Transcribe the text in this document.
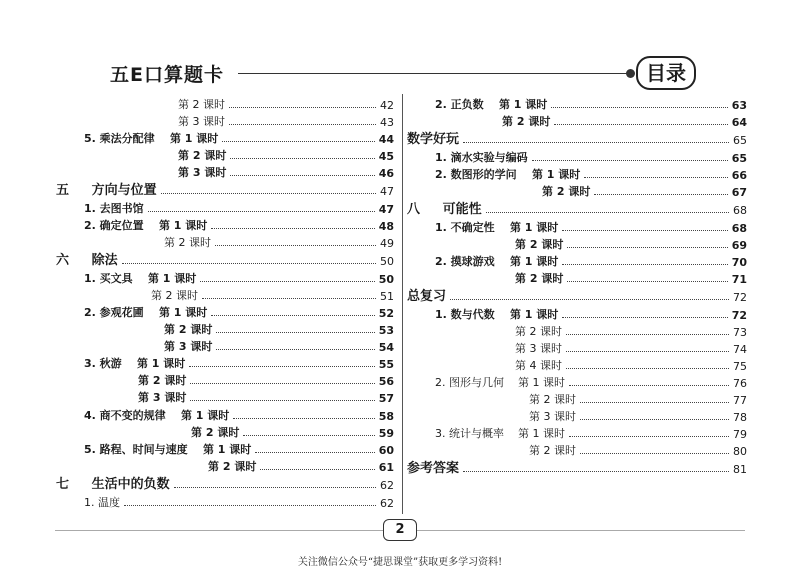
五E口算题卡	目录
第 2 课时	42
第 3 课时	43
5. 乘法分配律    第 1 课时	44
第 2 课时	45
第 3 课时	46
五     方向与位置	47
1. 去图书馆	47
2. 确定位置    第 1 课时	48
第 2 课时	49
六     除法	50
1. 买文具    第 1 课时	50
第 2 课时	51
2. 参观花圃    第 1 课时	52
第 2 课时	53
第 3 课时	54
3. 秋游    第 1 课时	55
第 2 课时	56
第 3 课时	57
4. 商不变的规律    第 1 课时	58
第 2 课时	59
5. 路程、时间与速度    第 1 课时	60
第 2 课时	61
七     生活中的负数	62
1. 温度	62
2. 正负数    第 1 课时	63
第 2 课时	64
数学好玩	65
1. 滴水实验与编码	65
2. 数图形的学问    第 1 课时	66
第 2 课时	67
八     可能性	68
1. 不确定性    第 1 课时	68
第 2 课时	69
2. 摸球游戏    第 1 课时	70
第 2 课时	71
总复习	72
1. 数与代数    第 1 课时	72
第 2 课时	73
第 3 课时	74
第 4 课时	75
2. 图形与几何    第 1 课时	76
第 2 课时	77
第 3 课时	78
3. 统计与概率    第 1 课时	79
第 2 课时	80
参考答案	81
2
关注微信公众号“捷思课堂”获取更多学习资料!
